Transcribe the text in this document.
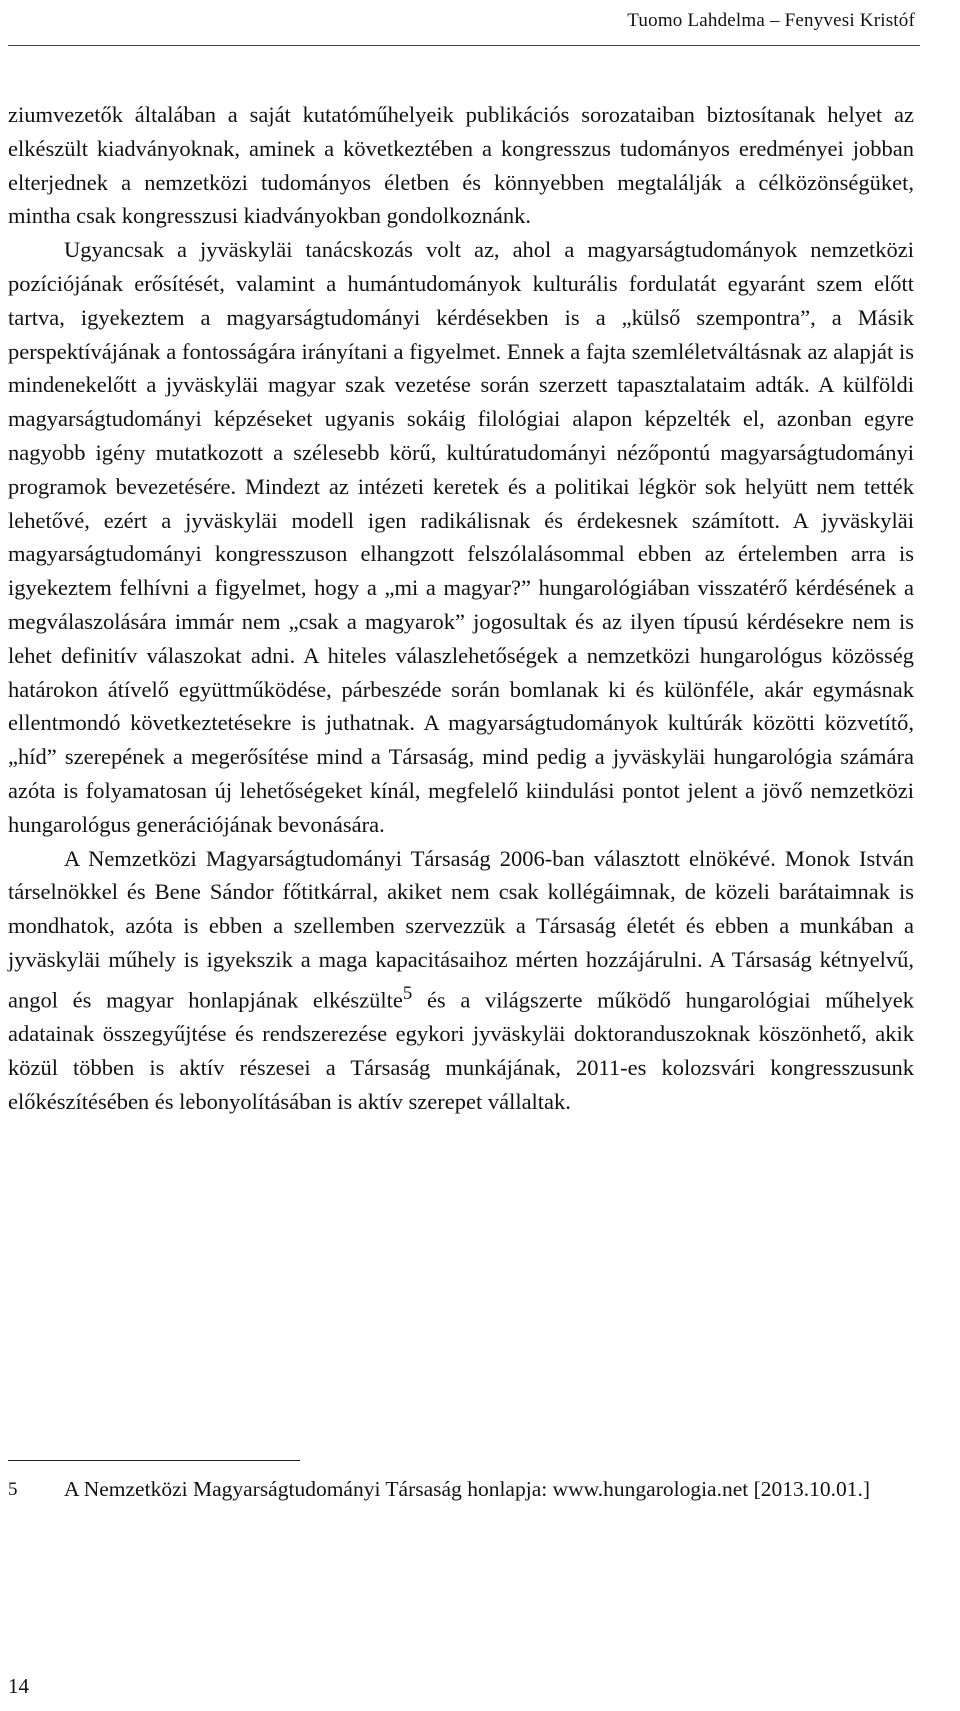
Tuomo Lahdelma – Fenyvesi Kristóf

ziumvezetők általában a saját kutatóműhelyeik publikációs sorozataiban biztosítanak helyet az elkészült kiadványoknak, aminek a következtében a kongresszus tudományos eredményei jobban elterjednek a nemzetközi tudományos életben és könnyebben megtalálják a célközönségüket, mintha csak kongresszusi kiadványokban gondolkoznánk.

Ugyancsak a jyväskyläi tanácskozás volt az, ahol a magyarságtudományok nemzetközi pozíciójának erősítését, valamint a humántudományok kulturális fordulatát egyaránt szem előtt tartva, igyekeztem a magyarságtudományi kérdésekben is a „külső szempontra”, a Másik perspektívájának a fontosságára irányítani a figyelmet. Ennek a fajta szemléletváltásnak az alapját is mindenekelőtt a jyväskyläi magyar szak vezetése során szerzett tapasztalataim adták. A külföldi magyarságtudományi képzéseket ugyanis sokáig filológiai alapon képzelték el, azonban egyre nagyobb igény mutatkozott a szélesebb körű, kultúratudományi nézőpontú magyarságtudományi programok bevezetésére. Mindezt az intézeti keretek és a politikai légkör sok helyütt nem tették lehetővé, ezért a jyväskyläi modell igen radikálisnak és érdekesnek számított. A jyväskyläi magyarságtudományi kongresszuson elhangzott felszólalásommal ebben az értelemben arra is igyekeztem felhívni a figyelmet, hogy a „mi a magyar?” hungarológiában visszatérő kérdésének a megválaszolására immár nem „csak a magyarok” jogosultak és az ilyen típusú kérdésekre nem is lehet definitív válaszokat adni. A hiteles válaszlehetőségek a nemzetközi hungarológus közösség határokon átívelő együttműködése, párbeszéde során bomlanak ki és különféle, akár egymásnak ellentmondó következtetésekre is juthatnak. A magyarságtudományok kultúrák közötti közvetítő, „híd” szerepének a megerősítése mind a Társaság, mind pedig a jyväskyläi hungarológia számára azóta is folyamatosan új lehetőségeket kínál, megfelelő kiindulási pontot jelent a jövő nemzetközi hungarológus generációjának bevonására.

A Nemzetközi Magyarságtudományi Társaság 2006-ban választott elnökévé. Monok István társelnökkel és Bene Sándor főtitkárral, akiket nem csak kollégáimnak, de közeli barátaimnak is mondhatok, azóta is ebben a szellemben szervezzük a Társaság életét és ebben a munkában a jyväskyläi műhely is igyekszik a maga kapacitásaihoz mérten hozzájárulni. A Társaság kétnyelvű, angol és magyar honlapjának elkészülte$^5$ és a világszerte működő hungarológiai műhelyek adatainak összegyűjtése és rendszerezése egykori jyväskyläi doktoranduszoknak köszönhető, akik közül többen is aktív részesei a Társaság munkájának, 2011-es kolozsvári kongresszusunk előkészítésében és lebonyolításában is aktív szerepet vállaltak.

5 A Nemzetközi Magyarságtudományi Társaság honlapja: www.hungarologia.net [2013.10.01.]
14
